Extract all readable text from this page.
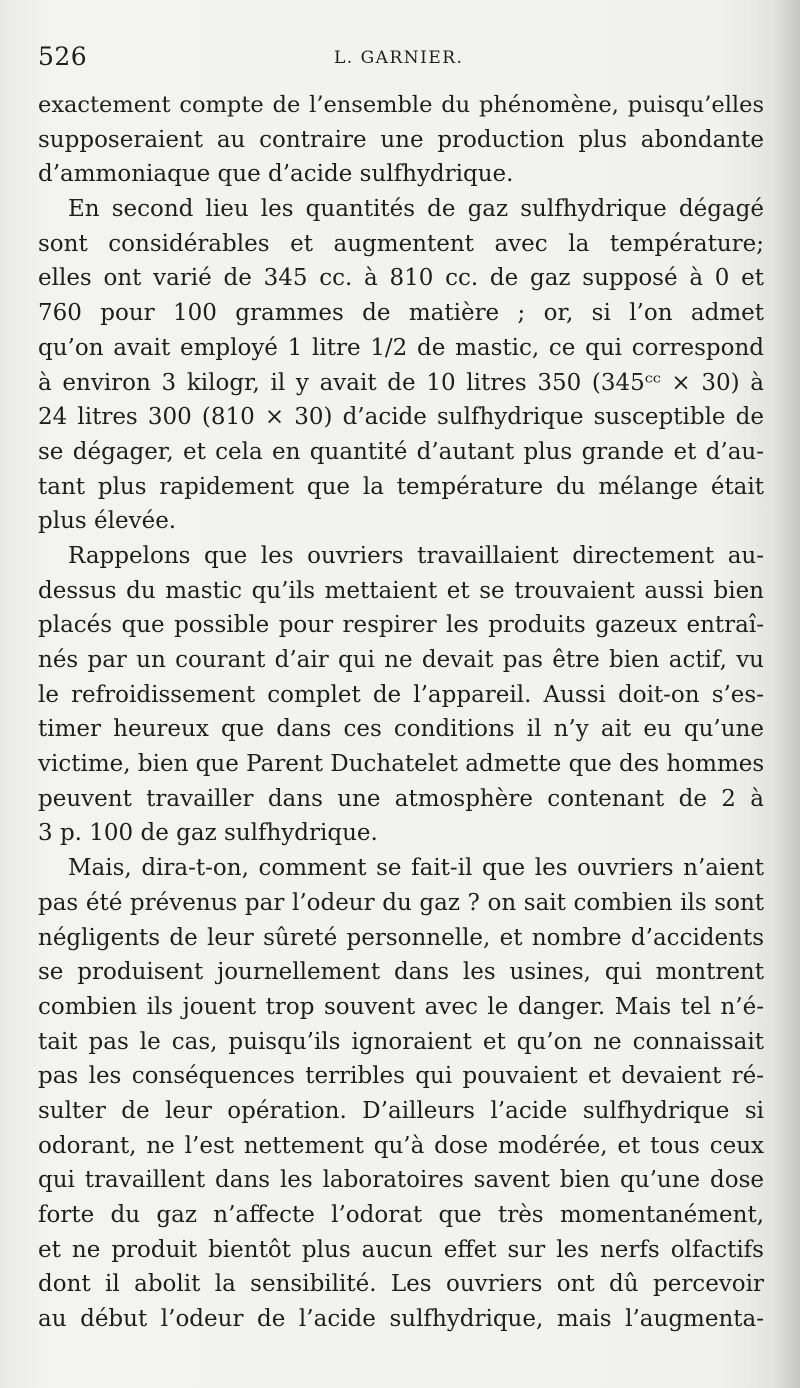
526	L. GARNIER.
exactement compte de l’ensemble du phénomène, puisqu’elles
supposeraient au contraire une production plus abondante
d’ammoniaque que d’acide sulfhydrique.
En second lieu les quantités de gaz sulfhydrique dégagé
sont considérables et augmentent avec la température;
elles ont varié de 345 cc. à 810 cc. de gaz supposé à 0 et
760 pour 100 grammes de matière ; or, si l’on admet
qu’on avait employé 1 litre 1/2 de mastic, ce qui correspond
à environ 3 kilogr, il y avait de 10 litres 350 (345ᶜᶜ × 30) à
24 litres 300 (810 × 30) d’acide sulfhydrique susceptible de
se dégager, et cela en quantité d’autant plus grande et d’au-
tant plus rapidement que la température du mélange était
plus élevée.
Rappelons que les ouvriers travaillaient directement au-
dessus du mastic qu’ils mettaient et se trouvaient aussi bien
placés que possible pour respirer les produits gazeux entraî-
nés par un courant d’air qui ne devait pas être bien actif, vu
le refroidissement complet de l’appareil. Aussi doit-on s’es-
timer heureux que dans ces conditions il n’y ait eu qu’une
victime, bien que Parent Duchatelet admette que des hommes
peuvent travailler dans une atmosphère contenant de 2 à
3 p. 100 de gaz sulfhydrique.
Mais, dira-t-on, comment se fait-il que les ouvriers n’aient
pas été prévenus par l’odeur du gaz ? on sait combien ils sont
négligents de leur sûreté personnelle, et nombre d’accidents
se produisent journellement dans les usines, qui montrent
combien ils jouent trop souvent avec le danger. Mais tel n’é-
tait pas le cas, puisqu’ils ignoraient et qu’on ne connaissait
pas les conséquences terribles qui pouvaient et devaient ré-
sulter de leur opération. D’ailleurs l’acide sulfhydrique si
odorant, ne l’est nettement qu’à dose modérée, et tous ceux
qui travaillent dans les laboratoires savent bien qu’une dose
forte du gaz n’affecte l’odorat que très momentanément,
et ne produit bientôt plus aucun effet sur les nerfs olfactifs
dont il abolit la sensibilité. Les ouvriers ont dû percevoir
au début l’odeur de l’acide sulfhydrique, mais l’augmenta-
